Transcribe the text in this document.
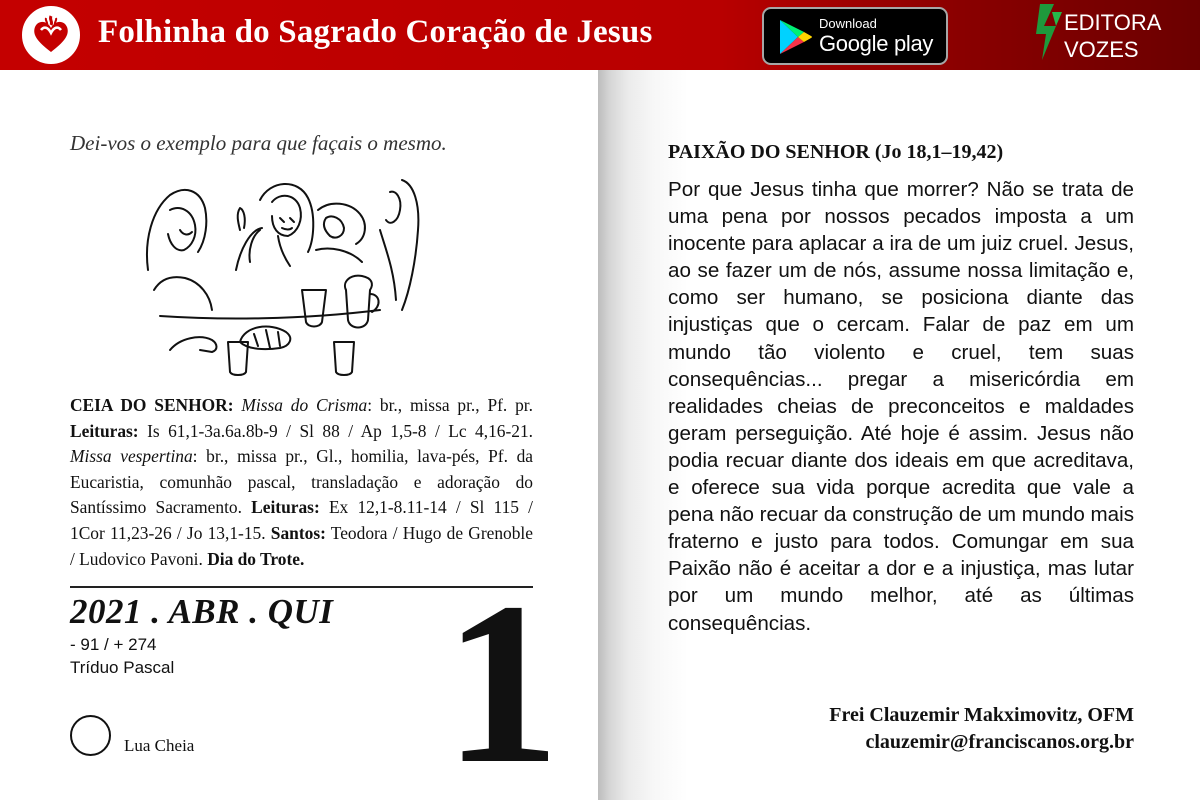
Folhinha do Sagrado Coração de Jesus	Download
Google play
EDITORA
VOZES
Dei-vos o exemplo para que façais o mesmo.
CEIA DO SENHOR: Missa do Crisma: br., missa pr., Pf. pr. Leituras: Is 61,1-3a.6a.8b-9 / Sl 88 / Ap 1,5-8 / Lc 4,16-21. Missa vespertina: br., missa pr., Gl., homilia, lava-pés, Pf. da Eucaristia, comunhão pascal, transladação e adoração do Santíssimo Sacramento. Leituras: Ex 12,1-8.11-14 / Sl 115 / 1Cor 11,23-26 / Jo 13,1-15. Santos: Teodora / Hugo de Grenoble / Ludovico Pavoni. Dia do Trote.
2021 . ABR . QUI
- 91 / + 274
Tríduo Pascal 1
Lua Cheia
PAIXÃO DO SENHOR (Jo 18,1–19,42)
Por que Jesus tinha que morrer? Não se trata de uma pena por nossos pecados imposta a um inocente para aplacar a ira de um juiz cruel. Jesus, ao se fazer um de nós, assume nossa limitação e, como ser humano, se posiciona diante das injustiças que o cercam. Falar de paz em um mundo tão violento e cruel, tem suas consequências... pregar a misericórdia em realidades cheias de preconceitos e maldades geram perseguição. Até hoje é assim. Jesus não podia recuar diante dos ideais em que acreditava, e oferece sua vida porque acredita que vale a pena não recuar da construção de um mundo mais fraterno e justo para todos. Comungar em sua Paixão não é aceitar a dor e a injustiça, mas lutar por um mundo melhor, até as últimas consequências.
Frei Clauzemir Makximovitz, OFM
clauzemir@franciscanos.org.br
